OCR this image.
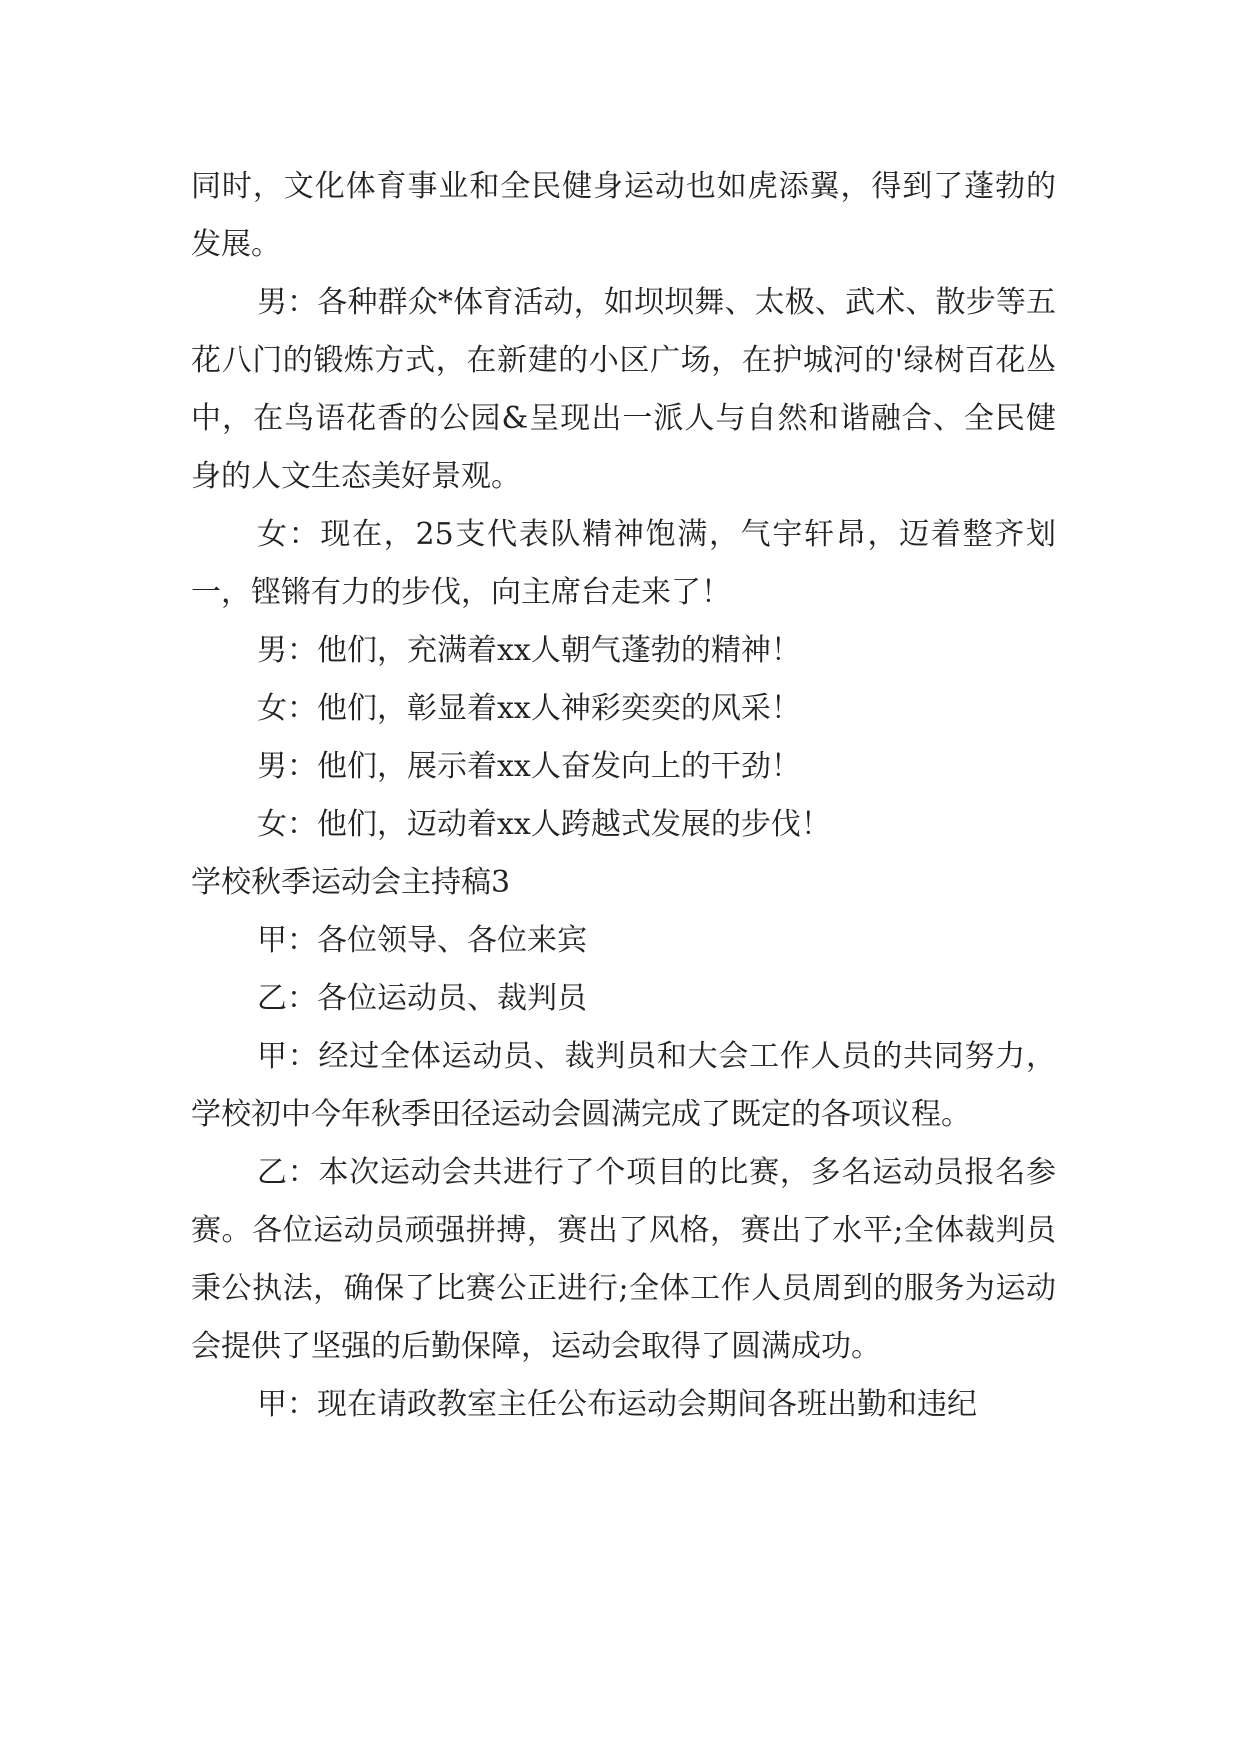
同时，文化体育事业和全民健身运动也如虎添翼，得到了蓬勃的发展。

男：各种群众*体育活动，如坝坝舞、太极、武术、散步等五花八门的锻炼方式，在新建的小区广场，在护城河的'绿树百花丛中，在鸟语花香的公园&呈现出一派人与自然和谐融合、全民健身的人文生态美好景观。

女：现在，25支代表队精神饱满，气宇轩昂，迈着整齐划一，铿锵有力的步伐，向主席台走来了！

男：他们，充满着xx人朝气蓬勃的精神！

女：他们，彰显着xx人神彩奕奕的风采！

男：他们，展示着xx人奋发向上的干劲！

女：他们，迈动着xx人跨越式发展的步伐！

学校秋季运动会主持稿3

甲：各位领导、各位来宾

乙：各位运动员、裁判员

甲：经过全体运动员、裁判员和大会工作人员的共同努力，学校初中今年秋季田径运动会圆满完成了既定的各项议程。

乙：本次运动会共进行了个项目的比赛，多名运动员报名参赛。各位运动员顽强拼搏，赛出了风格，赛出了水平;全体裁判员秉公执法，确保了比赛公正进行;全体工作人员周到的服务为运动会提供了坚强的后勤保障，运动会取得了圆满成功。

甲：现在请政教室主任公布运动会期间各班出勤和违纪
